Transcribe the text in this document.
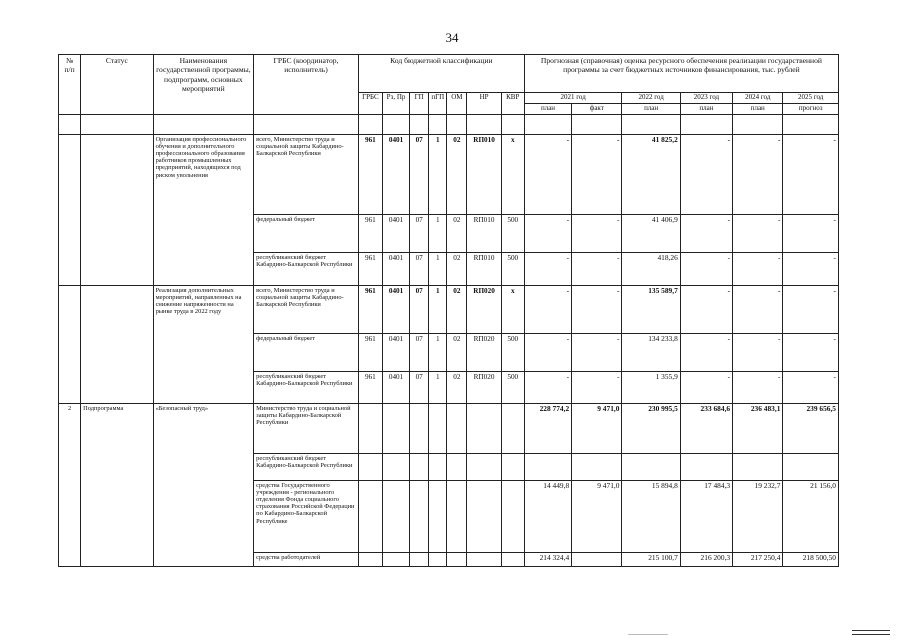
34
№
п/п	Статус	Наименования государственной программы, подпрограмм, основных мероприятий	ГРБС (координатор, исполнитель)	Код бюджетной классификации							Прогнозная (справочная) оценка ресурсного обеспечения реализации государственной программы за счет бюджетных источников финансирования, тыс. рублей					
				ГРБС	Рз, Пр	ГП	пГП	ОМ	НР	КВР	2021 год		2022 год	2023 год	2024 год	2025 год
											план	факт	план	план	план	прогноз

		Организация профессионального обучения и дополнительного профессионального образования работников промышленных предприятий, находящихся под риском увольнения	всего, Министерство труда и социальной защиты Кабардино-Балкарской Республики	961	0401	07	1	02	RП010	х	-	-	41 825,2	-	-	-
			федеральный бюджет	961	0401	07	1	02	RП010	500	-	-	41 406,9	-	-	-
			республиканский бюджет Кабардино-Балкарской Республики	961	0401	07	1	02	RП010	500	-	-	418,26	-	-	-
		Реализация дополнительных мероприятий, направленных на снижение напряженности на рынке труда в 2022 году	всего, Министерство труда и социальной защиты Кабардино-Балкарской Республики	961	0401	07	1	02	RП020	х	-	-	135 589,7	-	-	-
			федеральный бюджет	961	0401	07	1	02	RП020	500	-	-	134 233,8	-	-	-
			республиканский бюджет Кабардино-Балкарской Республики	961	0401	07	1	02	RП020	500	-	-	1 355,9	-	-	-
2	Подпрограмма	«Безопасный труд»	Министерство труда и социальной защиты Кабардино-Балкарской Республики								228 774,2	9 471,0	230 995,5	233 684,6	236 483,1	239 656,5
			республиканский бюджет Кабардино-Балкарской Республики													
			средства Государственного учреждения - регионального отделения Фонда социального страхования Российской Федерации по Кабардино-Балкарской Республике								14 449,8	9 471,0	15 894,8	17 484,3	19 232,7	21 156,0
			средства работодателей								214 324,4		215 100,7	216 200,3	217 250,4	218 500,50
